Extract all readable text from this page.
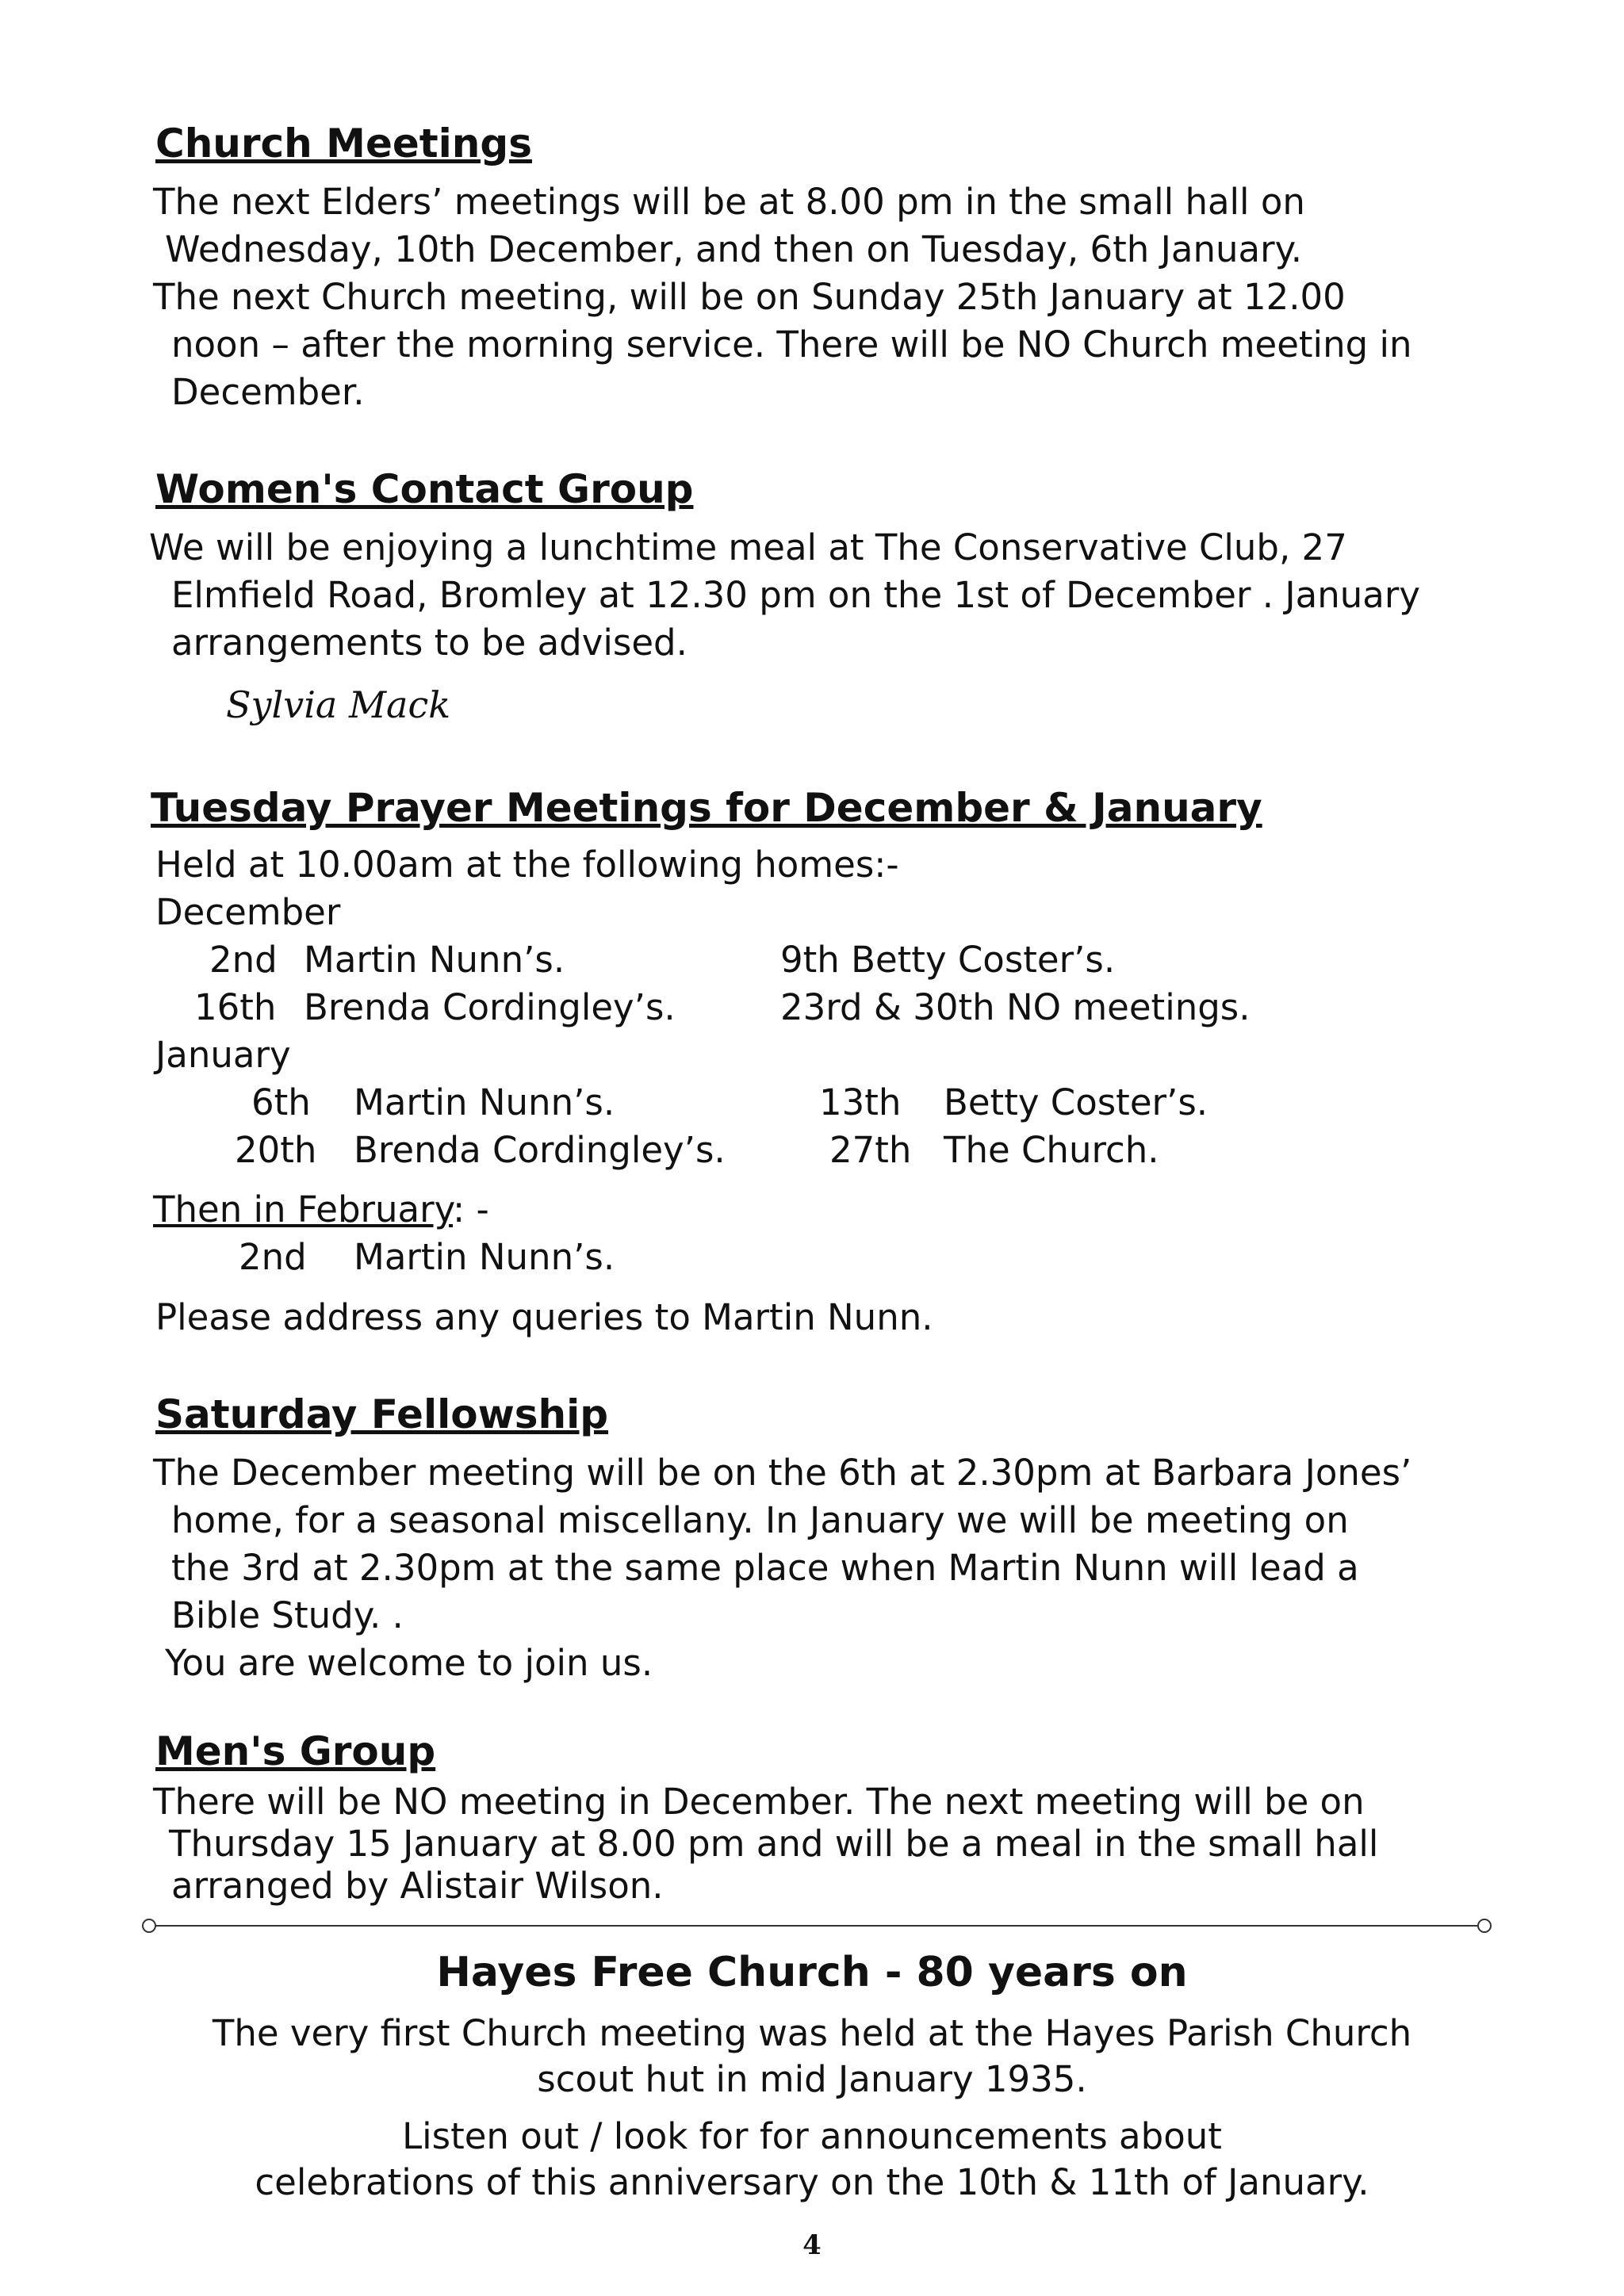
Church Meetings
The next Elders’ meetings will be at 8.00 pm in the small hall on
Wednesday, 10th December, and then on Tuesday, 6th January.
The next Church meeting, will be on Sunday 25th January at 12.00
noon – after the morning service. There will be NO Church meeting in
December.
Women's Contact Group
We will be enjoying a lunchtime meal at The Conservative Club, 27
Elmfield Road, Bromley at 12.30 pm on the 1st of December . January
arrangements to be advised.
Sylvia Mack
Tuesday Prayer Meetings for December & January
Held at 10.00am at the following homes:-
December
2nd Martin Nunn’s.	9th Betty Coster’s.
16th Brenda Cordingley’s.	23rd & 30th NO meetings.
January
6th Martin Nunn’s.	13th Betty Coster’s.
20th Brenda Cordingley’s.	27th The Church.
Then in February: -
2nd Martin Nunn’s.
Please address any queries to Martin Nunn.
Saturday Fellowship
The December meeting will be on the 6th at 2.30pm at Barbara Jones’
home, for a seasonal miscellany. In January we will be meeting on
the 3rd at 2.30pm at the same place when Martin Nunn will lead a
Bible Study. .
You are welcome to join us.
Men's Group
There will be NO meeting in December. The next meeting will be on
Thursday 15 January at 8.00 pm and will be a meal in the small hall
arranged by Alistair Wilson.
Hayes Free Church - 80 years on
The very first Church meeting was held at the Hayes Parish Church
scout hut in mid January 1935.
Listen out / look for for announcements about
celebrations of this anniversary on the 10th & 11th of January.
4
